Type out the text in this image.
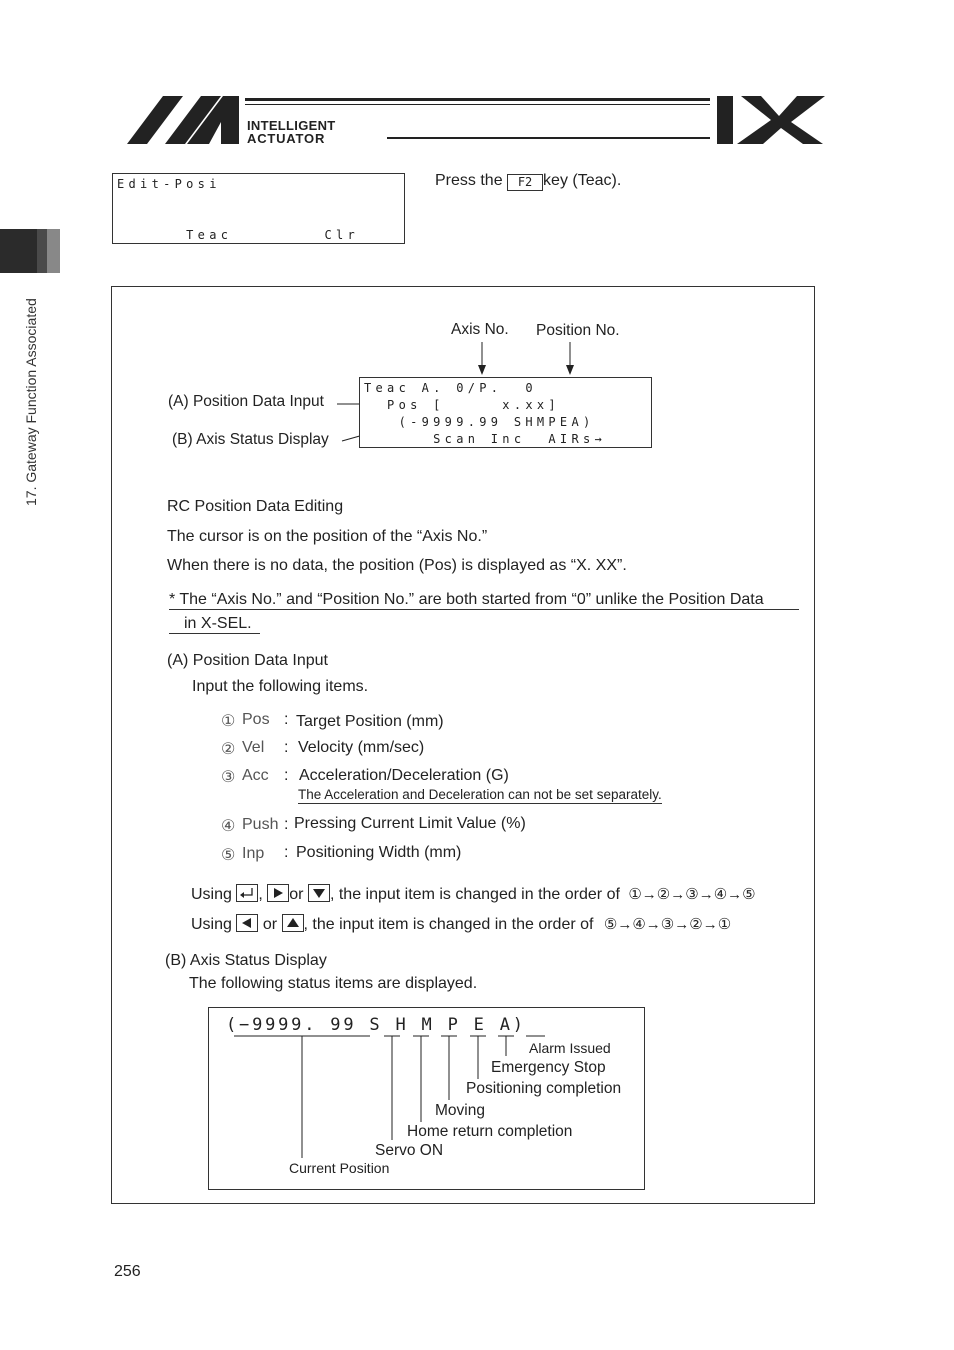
INTELLIGENT
ACTUATOR
17. Gateway Function Associated
Edit-Posi
Teac        Clr
Press the F2 key (Teac).
Axis No. Position No.
(A) Position Data Input
(B) Axis Status Display
Teac A. 0/P.  0
Pos [     x.xx]
(-9999.99 SHMPEA)
Scan Inc  AIRs→
RC Position Data Editing
The cursor is on the position of the “Axis No.”
When there is no data, the position (Pos) is displayed as “X. XX”.
* The “Axis No.” and “Position No.” are both started from “0” unlike the Position Data
in X-SEL.
(A) Position Data Input
Input the following items.
① Pos : Target Position (mm)
② Vel : Velocity (mm/sec)
③ Acc : Acceleration/Deceleration (G)
The Acceleration and Deceleration can not be set separately.
④ Push : Pressing Current Limit Value (%)
⑤ Inp : Positioning Width (mm)
Using , or , the input item is changed in the order of ①→②→③→④→⑤
Using or , the input item is changed in the order of ⑤→④→③→②→①
(B) Axis Status Display
The following status items are displayed.
(−9999. 99 S H M P E A)
Alarm Issued
Emergency Stop
Positioning completion
Moving
Home return completion
Servo ON
Current Position
256
